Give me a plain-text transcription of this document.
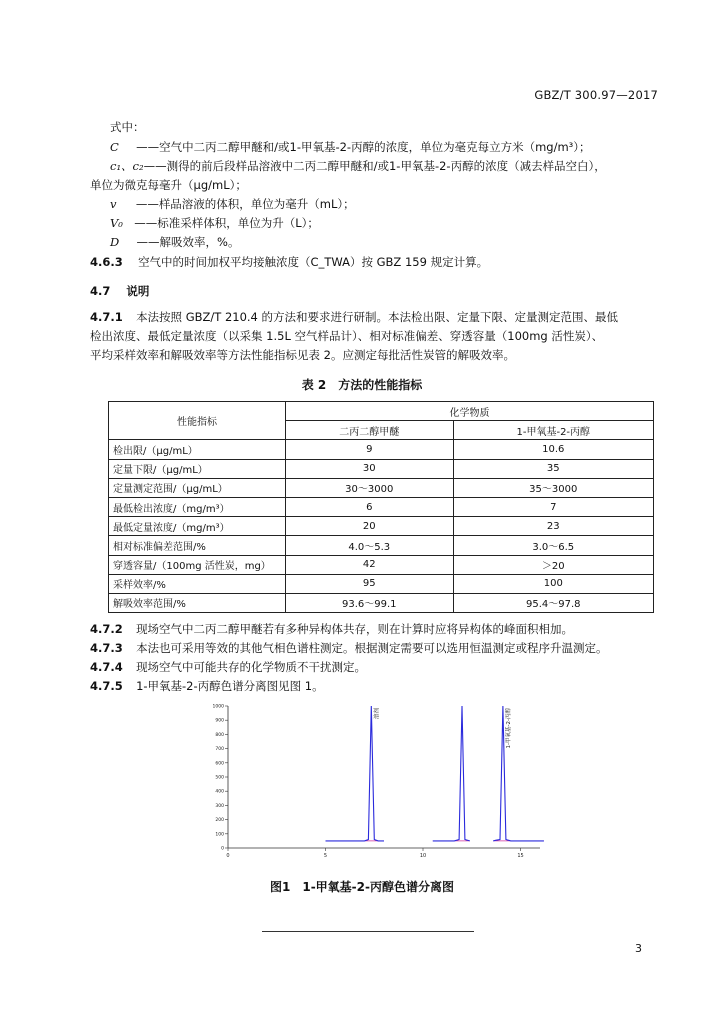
GBZ/T 300.97—2017
式中：
C ——空气中二丙二醇甲醚和/或1-甲氧基-2-丙醇的浓度，单位为毫克每立方米（mg/m³）；
c₁、c₂——测得的前后段样品溶液中二丙二醇甲醚和/或1-甲氧基-2-丙醇的浓度（减去样品空白），
单位为微克每毫升（μg/mL）；
v ——样品溶液的体积，单位为毫升（mL）；
V₀ ——标准采样体积，单位为升（L）；
D ——解吸效率，%。
4.6.3 空气中的时间加权平均接触浓度（C_TWA）按 GBZ 159 规定计算。
4.7 说明
4.7.1 本法按照 GBZ/T 210.4 的方法和要求进行研制。本法检出限、定量下限、定量测定范围、最低
检出浓度、最低定量浓度（以采集 1.5L 空气样品计）、相对标准偏差、穿透容量（100mg 活性炭）、
平均采样效率和解吸效率等方法性能指标见表 2。应测定每批活性炭管的解吸效率。
表 2　方法的性能指标
性能指标	化学物质	
	二丙二醇甲醚	1-甲氧基-2-丙醇
检出限/（μg/mL）	9	10.6
定量下限/（μg/mL）	30	35
定量测定范围/（μg/mL）	30～3000	35～3000
最低检出浓度/（mg/m³）	6	7
最低定量浓度/（mg/m³）	20	23
相对标准偏差范围/%	4.0～5.3	3.0～6.5
穿透容量/（100mg 活性炭，mg）	42	＞20
采样效率/%	95	100
解吸效率范围/%	93.6～99.1	95.4～97.8
4.7.2 现场空气中二丙二醇甲醚若有多种异构体共存，则在计算时应将异构体的峰面积相加。
4.7.3 本法也可采用等效的其他气相色谱柱测定。根据测定需要可以选用恒温测定或程序升温测定。
4.7.4 现场空气中可能共存的化学物质不干扰测定。
4.7.5 1-甲氧基-2-丙醇色谱分离图见图 1。
1000
900
800
700
600
500
400
300
200
100
0
0	5	10	15
溶剂	1-甲氧基-2-丙醇
图1　1-甲氧基-2-丙醇色谱分离图
3
